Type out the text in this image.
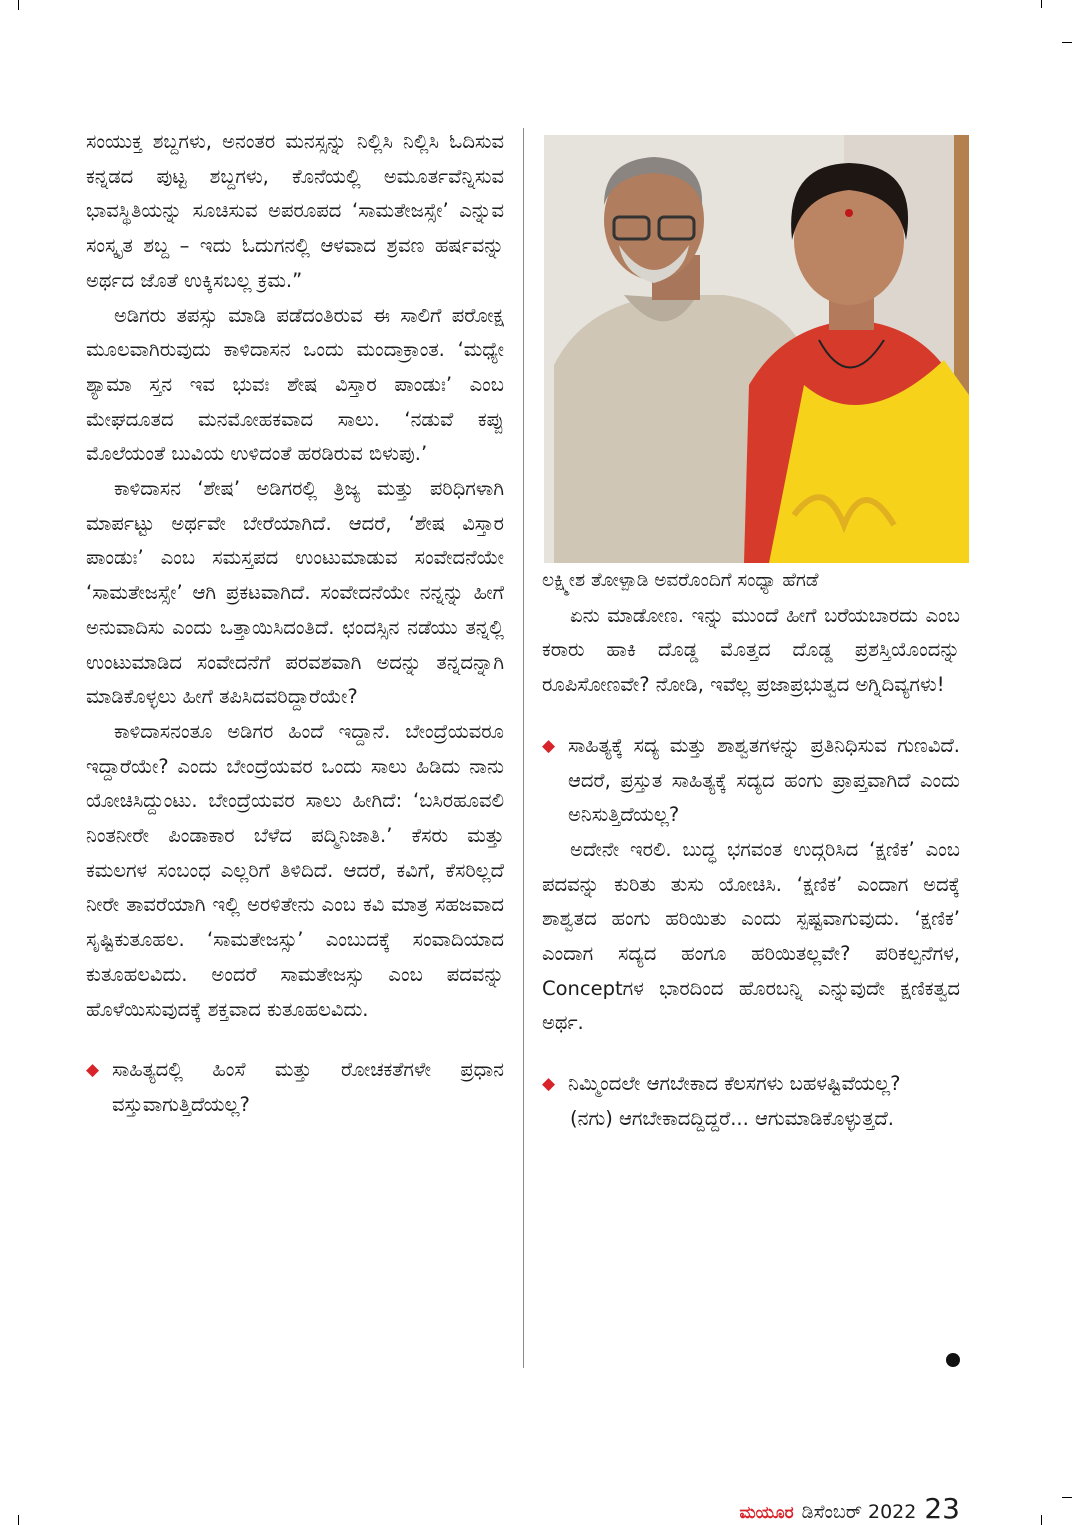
ಸಂಯುಕ್ತ ಶಬ್ದಗಳು, ಅನಂತರ ಮನಸ್ಸನ್ನು ನಿಲ್ಲಿಸಿ ನಿಲ್ಲಿಸಿ ಓದಿಸುವ ಕನ್ನಡದ ಪುಟ್ಟ ಶಬ್ದಗಳು, ಕೊನೆಯಲ್ಲಿ ಅಮೂರ್ತವೆನ್ನಿಸುವ ಭಾವಸ್ಥಿತಿಯನ್ನು ಸೂಚಿಸುವ ಅಪರೂಪದ ‘ಸಾಮತೇಜಸ್ಸೇ’ ಎನ್ನುವ ಸಂಸ್ಕೃತ ಶಬ್ದ – ಇದು ಓದುಗನಲ್ಲಿ ಆಳವಾದ ಶ್ರವಣ ಹರ್ಷವನ್ನು ಅರ್ಥದ ಜೊತೆ ಉಕ್ಕಿಸಬಲ್ಲ ಕ್ರಮ.”

ಅಡಿಗರು ತಪಸ್ಸು ಮಾಡಿ ಪಡೆದಂತಿರುವ ಈ ಸಾಲಿಗೆ ಪರೋಕ್ಷ ಮೂಲವಾಗಿರುವುದು ಕಾಳಿದಾಸನ ಒಂದು ಮಂದಾಕ್ರಾಂತ. ‘ಮಧ್ಯೇ ಶ್ಯಾಮಾ ಸ್ತನ ಇವ ಭುವಃ ಶೇಷ ವಿಸ್ತಾರ ಪಾಂಡುಃ’ ಎಂಬ ಮೇಘದೂತದ ಮನಮೋಹಕವಾದ ಸಾಲು. ‘ನಡುವೆ ಕಪ್ಪು ಮೊಲೆಯಂತೆ ಬುವಿಯ ಉಳಿದಂತೆ ಹರಡಿರುವ ಬಿಳುಪು.’

ಕಾಳಿದಾಸನ ‘ಶೇಷ’ ಅಡಿಗರಲ್ಲಿ ತ್ರಿಜ್ಯ ಮತ್ತು ಪರಿಧಿಗಳಾಗಿ ಮಾರ್ಪಟ್ಟು ಅರ್ಥವೇ ಬೇರೆಯಾಗಿದೆ. ಆದರೆ, ‘ಶೇಷ ವಿಸ್ತಾರ ಪಾಂಡುಃ’ ಎಂಬ ಸಮಸ್ತಪದ ಉಂಟುಮಾಡುವ ಸಂವೇದನೆಯೇ ‘ಸಾಮತೇಜಸ್ಸೇ’ ಆಗಿ ಪ್ರಕಟವಾಗಿದೆ. ಸಂವೇದನೆಯೇ ನನ್ನನ್ನು ಹೀಗೆ ಅನುವಾದಿಸು ಎಂದು ಒತ್ತಾಯಿಸಿದಂತಿದೆ. ಛಂದಸ್ಸಿನ ನಡೆಯು ತನ್ನಲ್ಲಿ ಉಂಟುಮಾಡಿದ ಸಂವೇದನೆಗೆ ಪರವಶವಾಗಿ ಅದನ್ನು ತನ್ನದನ್ನಾಗಿ ಮಾಡಿಕೊಳ್ಳಲು ಹೀಗೆ ತಪಿಸಿದವರಿದ್ದಾರೆಯೇ?

ಕಾಳಿದಾಸನಂತೂ ಅಡಿಗರ ಹಿಂದೆ ಇದ್ದಾನೆ. ಬೇಂದ್ರೆಯವರೂ ಇದ್ದಾರೆಯೇ? ಎಂದು ಬೇಂದ್ರೆಯವರ ಒಂದು ಸಾಲು ಹಿಡಿದು ನಾನು ಯೋಚಿಸಿದ್ದುಂಟು. ಬೇಂದ್ರೆಯವರ ಸಾಲು ಹೀಗಿದೆ: ‘ಬಸಿರಹೂವಲಿ ನಿಂತನೀರೇ ಪಿಂಡಾಕಾರ ಬೆಳೆದ ಪದ್ಮಿನಿಜಾತಿ.’ ಕೆಸರು ಮತ್ತು ಕಮಲಗಳ ಸಂಬಂಧ ಎಲ್ಲರಿಗೆ ತಿಳಿದಿದೆ. ಆದರೆ, ಕವಿಗೆ, ಕೆಸರಿಲ್ಲದೆ ನೀರೇ ತಾವರೆಯಾಗಿ ಇಲ್ಲಿ ಅರಳಿತೇನು ಎಂಬ ಕವಿ ಮಾತ್ರ ಸಹಜವಾದ ಸೃಷ್ಟಿಕುತೂಹಲ. ‘ಸಾಮತೇಜಸ್ಸು’ ಎಂಬುದಕ್ಕೆ ಸಂವಾದಿಯಾದ ಕುತೂಹಲವಿದು. ಅಂದರೆ ಸಾಮತೇಜಸ್ಸು ಎಂಬ ಪದವನ್ನು ಹೊಳೆಯಿಸುವುದಕ್ಕೆ ಶಕ್ತವಾದ ಕುತೂಹಲವಿದು.

◆ ಸಾಹಿತ್ಯದಲ್ಲಿ ಹಿಂಸೆ ಮತ್ತು ರೋಚಕತೆಗಳೇ ಪ್ರಧಾನ ವಸ್ತುವಾಗುತ್ತಿದೆಯಲ್ಲ?

ಲಕ್ಷ್ಮೀಶ ತೋಳ್ಪಾಡಿ ಅವರೊಂದಿಗೆ ಸಂಧ್ಯಾ ಹೆಗಡೆ

ಏನು ಮಾಡೋಣ. ಇನ್ನು ಮುಂದೆ ಹೀಗೆ ಬರೆಯಬಾರದು ಎಂಬ ಕರಾರು ಹಾಕಿ ದೊಡ್ಡ ಮೊತ್ತದ ದೊಡ್ಡ ಪ್ರಶಸ್ತಿಯೊಂದನ್ನು ರೂಪಿಸೋಣವೇ? ನೋಡಿ, ಇವೆಲ್ಲ ಪ್ರಜಾಪ್ರಭುತ್ವದ ಅಗ್ನಿದಿವ್ಯಗಳು!

◆ ಸಾಹಿತ್ಯಕ್ಕೆ ಸದ್ಯ ಮತ್ತು ಶಾಶ್ವತಗಳನ್ನು ಪ್ರತಿನಿಧಿಸುವ ಗುಣವಿದೆ. ಆದರೆ, ಪ್ರಸ್ತುತ ಸಾಹಿತ್ಯಕ್ಕೆ ಸದ್ಯದ ಹಂಗು ಪ್ರಾಪ್ತವಾಗಿದೆ ಎಂದು ಅನಿಸುತ್ತಿದೆಯಲ್ಲ?

ಅದೇನೇ ಇರಲಿ. ಬುದ್ಧ ಭಗವಂತ ಉದ್ಗರಿಸಿದ ‘ಕ್ಷಣಿಕ’ ಎಂಬ ಪದವನ್ನು ಕುರಿತು ತುಸು ಯೋಚಿಸಿ. ‘ಕ್ಷಣಿಕ’ ಎಂದಾಗ ಅದಕ್ಕೆ ಶಾಶ್ವತದ ಹಂಗು ಹರಿಯಿತು ಎಂದು ಸ್ಪಷ್ಟವಾಗುವುದು. ‘ಕ್ಷಣಿಕ’ ಎಂದಾಗ ಸದ್ಯದ ಹಂಗೂ ಹರಿಯಿತಲ್ಲವೇ? ಪರಿಕಲ್ಪನೆಗಳ, Conceptಗಳ ಭಾರದಿಂದ ಹೊರಬನ್ನಿ ಎನ್ನುವುದೇ ಕ್ಷಣಿಕತ್ವದ ಅರ್ಥ.

◆ ನಿಮ್ಮಿಂದಲೇ ಆಗಬೇಕಾದ ಕೆಲಸಗಳು ಬಹಳಷ್ಟಿವೆಯಲ್ಲ?

(ನಗು) ಆಗಬೇಕಾದದ್ದಿದ್ದರೆ... ಆಗುಮಾಡಿಕೊಳ್ಳುತ್ತದೆ.

ಮಯೂರ ಡಿಸೆಂಬರ್ 2022 23
